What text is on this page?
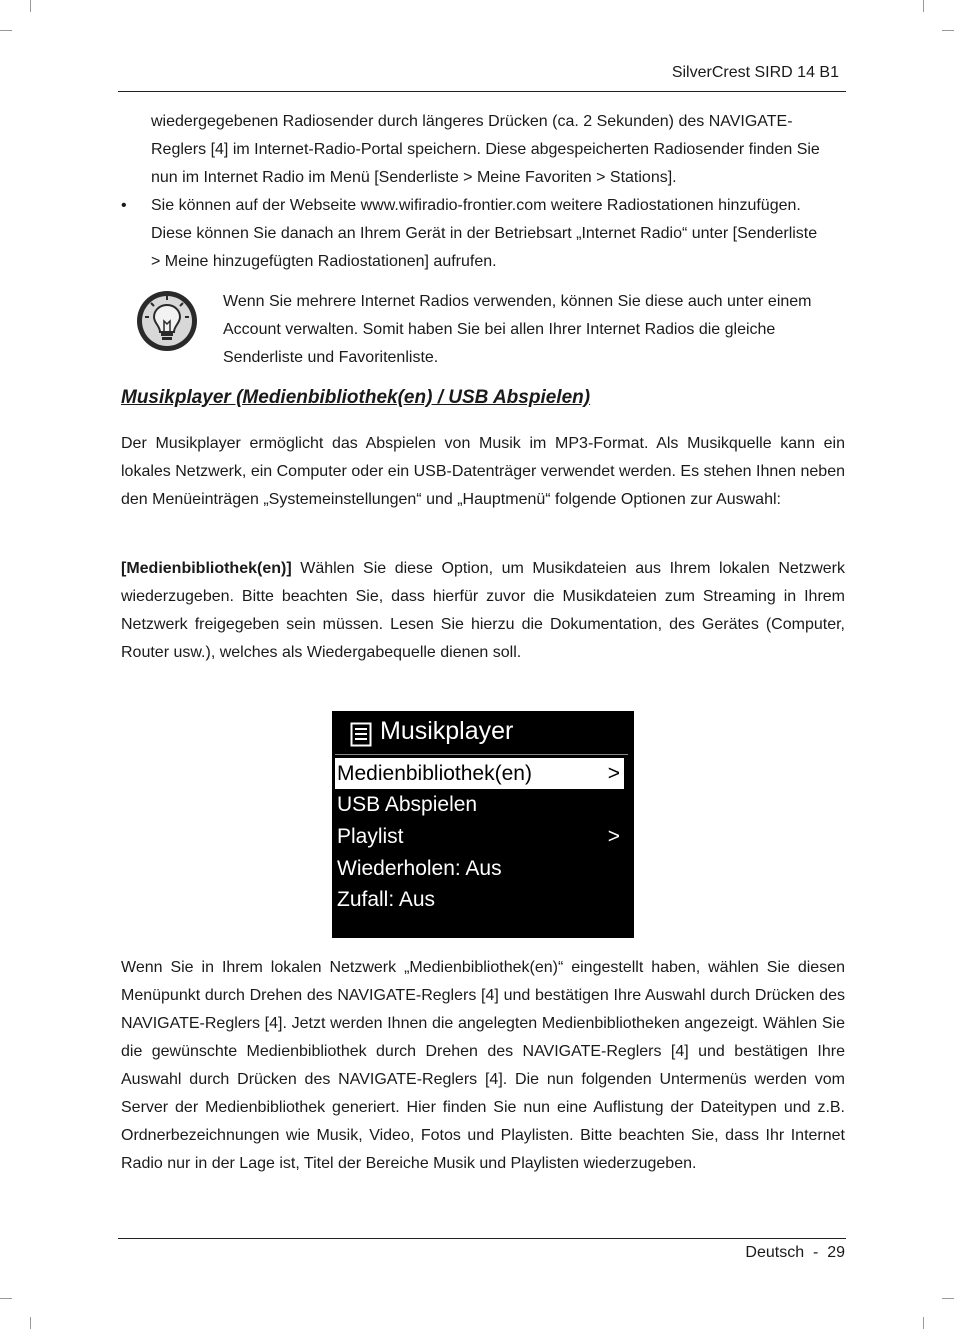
SilverCrest SIRD 14 B1
wiedergegebenen Radiosender durch längeres Drücken (ca. 2 Sekunden) des NAVIGATE-
Reglers [4] im Internet-Radio-Portal speichern. Diese abgespeicherten Radiosender finden Sie
nun im Internet Radio im Menü [Senderliste > Meine Favoriten > Stations].
• Sie können auf der Webseite www.wifiradio-frontier.com weitere Radiostationen hinzufügen.
Diese können Sie danach an Ihrem Gerät in der Betriebsart „Internet Radio“ unter [Senderliste
> Meine hinzugefügten Radiostationen] aufrufen.
Wenn Sie mehrere Internet Radios verwenden, können Sie diese auch unter einem
Account verwalten. Somit haben Sie bei allen Ihrer Internet Radios die gleiche
Senderliste und Favoritenliste.
Musikplayer (Medienbibliothek(en) / USB Abspielen)
Der Musikplayer ermöglicht das Abspielen von Musik im MP3-Format. Als Musikquelle kann ein lokales Netzwerk, ein Computer oder ein USB-Datenträger verwendet werden. Es stehen Ihnen neben den Menüeinträgen „Systemeinstellungen“ und „Hauptmenü“ folgende Optionen zur Auswahl:
[Medienbibliothek(en)] Wählen Sie diese Option, um Musikdateien aus Ihrem lokalen Netzwerk wiederzugeben. Bitte beachten Sie, dass hierfür zuvor die Musikdateien zum Streaming in Ihrem Netzwerk freigegeben sein müssen. Lesen Sie hierzu die Dokumentation, des Gerätes (Computer, Router usw.), welches als Wiedergabequelle dienen soll.
Musikplayer
Medienbibliothek(en)	>
USB Abspielen
Playlist	>
Wiederholen: Aus
Zufall: Aus
Wenn Sie in Ihrem lokalen Netzwerk „Medienbibliothek(en)“ eingestellt haben, wählen Sie diesen Menüpunkt durch Drehen des NAVIGATE-Reglers [4] und bestätigen Ihre Auswahl durch Drücken des NAVIGATE-Reglers [4]. Jetzt werden Ihnen die angelegten Medienbibliotheken angezeigt. Wählen Sie die gewünschte Medienbibliothek durch Drehen des NAVIGATE-Reglers [4] und bestätigen Ihre Auswahl durch Drücken des NAVIGATE-Reglers [4]. Die nun folgenden Untermenüs werden vom Server der Medienbibliothek generiert. Hier finden Sie nun eine Auflistung der Dateitypen und z.B. Ordnerbezeichnungen wie Musik, Video, Fotos und Playlisten. Bitte beachten Sie, dass Ihr Internet Radio nur in der Lage ist, Titel der Bereiche Musik und Playlisten wiederzugeben.
Deutsch  -  29
